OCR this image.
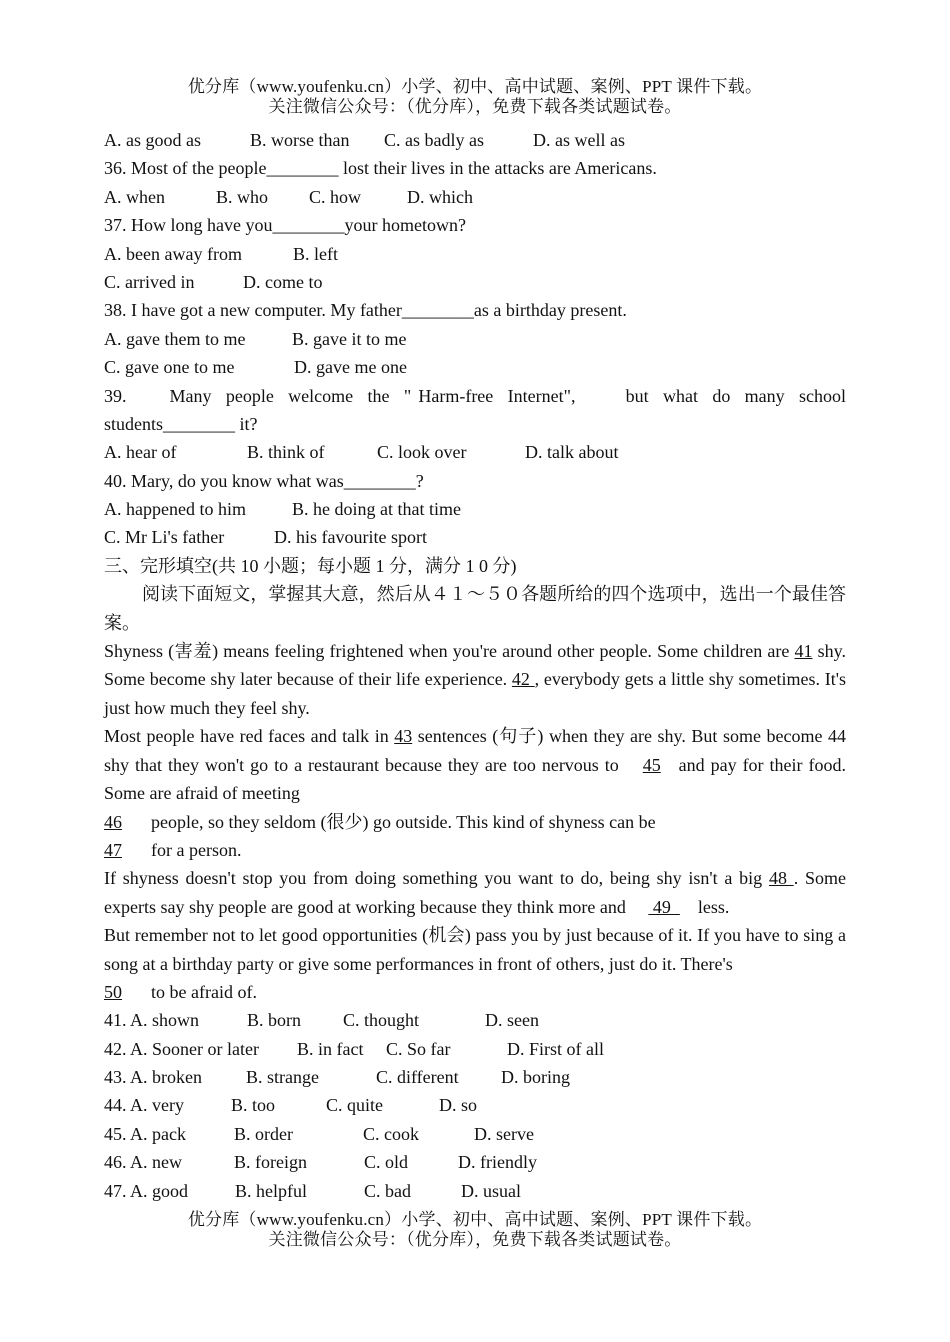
优分库（www.youfenku.cn）小学、初中、高中试题、案例、PPT 课件下载。
关注微信公众号：（优分库），免费下载各类试题试卷。
A. as good as	B. worse than C. as badly as	D. as well as
36. Most of the people________ lost their lives in the attacks are Americans.
A. when	B. who C. how	D. which
37. How long have you________your hometown?
A. been away from	B. left
C. arrived in	D. come to
38. I have got a new computer. My father________as a birthday present.
A. gave them to me	B. gave it to me
C. gave one to me	D. gave me one
39.      Many  people  welcome  the  " Harm-free  Internet",       but  what  do  many  school
students________ it?
A. hear of	B. think of	C. look over	D. talk about
40. Mary, do you know what was________?
A. happened to him	B. he doing at that time
C. Mr Li's father	D. his favourite sport
三、完形填空(共 10 小题；每小题 1 分，满分 1 0 分)
阅读下面短文，掌握其大意，然后从４１～５０各题所给的四个选项中，选出一个最佳答案。
Shyness (害羞) means feeling frightened when you're around other people. Some children are 41 shy. Some become shy later because of their life experience. 42 , everybody gets a little shy sometimes. It's just how much they feel shy.
Most people have red faces and talk in 43 sentences (句子) when they are shy. But some become 44 shy that they won't go to a restaurant because they are too nervous to    45   and pay for their food.   Some are afraid of meeting
46 people, so they seldom (很少) go outside. This kind of shyness can be
47 for a person.
If shyness doesn't stop you from doing something you want to do, being shy isn't a big 48 . Some experts say shy people are good at working because they think more and      49      less.
But remember not to let good opportunities (机会) pass you by just because of it. If you have to sing a song at a birthday party or give some performances in front of others, just do it. There's
50 to be afraid of.
41. A. shown	B. born C. thought	D. seen
42. A. Sooner or later B. in fact C. So far	D. First of all
43. A. broken B. strange	C. different D. boring
44. A. very	B. too	C. quite	D. so
45. A. pack	B. order	C. cook	D. serve
46. A. new	B. foreign	C. old	D. friendly
47. A. good	B. helpful	C. bad	D. usual
优分库（www.youfenku.cn）小学、初中、高中试题、案例、PPT 课件下载。
关注微信公众号：（优分库），免费下载各类试题试卷。
